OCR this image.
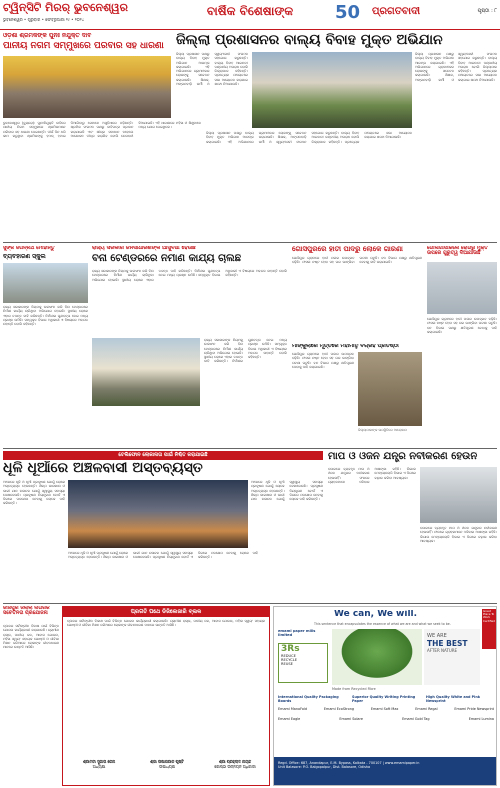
ଟ୍ୱିନ୍‌ସିଟି ମିରର୍‌ ଭୁବନେଶ୍ୱର
ଭୁବନେଶ୍ୱର • ଗୁରୁବାର • ଫେବ୍ରୁଆରୀ ୨୯ • ୨୦୨୪
ବାର୍ଷିକ ବିଶେଷାଙ୍କ	50	ପ୍ରଗତିବାଦୀ	ପୃଷ୍ଠା : ୮
ଓଡ଼ିଶା ଶ୍ରମିକଙ୍କ ପୁନଃ ନିଯୁକ୍ତି ଦାବି
ପାନୀୟ ନିଗମ ସମ୍ମୁଖରେ ପରିବାର ସହ ଧାରଣା
ଭୁବନେଶ୍ୱର (ବ୍ୟୁରୋ): ପୁନଃନିଯୁକ୍ତି ଦାବିରେ ପାନୀୟ ନିଗମ ସମ୍ମୁଖରେ ଶ୍ରମିକମାନେ ପରିବାର ସହ ଧାରଣା ଦେଇଛନ୍ତି। ଦୀର୍ଘ ଦିନ ଧରି କାମ କରୁଥିବା ଶ୍ରମିକଙ୍କୁ ହଠାତ୍ ହଟାଇ ଦିଆଯିବାରୁ ସେମାନେ ଅସୁବିଧାରେ ପଡ଼ିଛନ୍ତି। ଶ୍ରମିକ ସଂଗଠନ ପକ୍ଷରୁ ଦାବିପତ୍ର ପ୍ରଦାନ କରାଯାଇଛି ଏବଂ ଶୀଘ୍ର ସମାଧାନ ନହେଲେ ଆନ୍ଦୋଳନ ତୀବ୍ର କରାଯିବ ବୋଲି ଚେତାବନୀ ଦିଆଯାଇଛି। ଏହି ଧାରଣାରେ ମହିଳା ଓ ଶିଶୁମାନେ ମଧ୍ୟ ଯୋଗ ଦେଇଥିଲେ।
ଜିଲ୍ଲା ପ୍ରଶାସନର ବାଲ୍ୟ ବିବାହ ମୁକ୍ତ ଅଭିଯାନ
ଜିଲ୍ଲା ପ୍ରଶାସନ ପକ୍ଷରୁ ବାଲ୍ୟ ବିବାହ ମୁକ୍ତ ଅଭିଯାନ ଆରମ୍ଭ କରାଯାଇଛି। ଏହି ଅଭିଯାନରେ ଗ୍ରାମାଞ୍ଚଳର ଲୋକଙ୍କୁ ସଚେତନ କରାଯାଉଛି। ଶିକ୍ଷକ, ଅଙ୍ଗନବାଡ଼ି କର୍ମୀ ଓ ସ୍ୱୟଂସେବୀ ସଂଗଠନ ସହଯୋଗ କରୁଛନ୍ତି। ବାଲ୍ୟ ବିବାହ ଆଇନତଃ ଦଣ୍ଡନୀୟ ଅପରାଧ ବୋଲି ଜିଲ୍ଲାପାଳ କହିଛନ୍ତି। ପ୍ରତ୍ୟେକ ପଞ୍ଚାୟତରେ ସଭା ଆୟୋଜନ କରାଯାଇ ଶପଥ ନିଆଯାଉଛି।
ଜିଲ୍ଲା ପ୍ରଶାସନ ପକ୍ଷରୁ ବାଲ୍ୟ ବିବାହ ମୁକ୍ତ ଅଭିଯାନ ଆରମ୍ଭ କରାଯାଇଛି। ଏହି ଅଭିଯାନରେ ଗ୍ରାମାଞ୍ଚଳର ଲୋକଙ୍କୁ ସଚେତନ କରାଯାଉଛି। ଶିକ୍ଷକ, ଅଙ୍ଗନବାଡ଼ି କର୍ମୀ ଓ ସ୍ୱୟଂସେବୀ ସଂଗଠନ ସହଯୋଗ କରୁଛନ୍ତି। ବାଲ୍ୟ ବିବାହ ଆଇନତଃ ଦଣ୍ଡନୀୟ ଅପରାଧ ବୋଲି ଜିଲ୍ଲାପାଳ କହିଛନ୍ତି। ପ୍ରତ୍ୟେକ ପଞ୍ଚାୟତରେ ସଭା ଆୟୋଜନ କରାଯାଇ ଶପଥ ନିଆଯାଉଛି।
ଜିଲ୍ଲା ପ୍ରଶାସନ ପକ୍ଷରୁ ବାଲ୍ୟ ବିବାହ ମୁକ୍ତ ଅଭିଯାନ ଆରମ୍ଭ କରାଯାଇଛି। ଏହି ଅଭିଯାନରେ ଗ୍ରାମାଞ୍ଚଳର ଲୋକଙ୍କୁ ସଚେତନ କରାଯାଉଛି। ଶିକ୍ଷକ, ଅଙ୍ଗନବାଡ଼ି କର୍ମୀ ଓ ସ୍ୱୟଂସେବୀ ସଂଗଠନ ସହଯୋଗ କରୁଛନ୍ତି। ବାଲ୍ୟ ବିବାହ ଆଇନତଃ ଦଣ୍ଡନୀୟ ଅପରାଧ ବୋଲି ଜିଲ୍ଲାପାଳ କହିଛନ୍ତି। ପ୍ରତ୍ୟେକ ପଞ୍ଚାୟତରେ ସଭା ଆୟୋଜନ କରାଯାଇ ଶପଥ ନିଆଯାଉଛି।
ସୁଙ୍କ ଜଗନ୍ନାଥ ମୋହାନ୍ତୁ
ବ୍ୟବହାରଣ ସ୍କୁଲ
ରାଜ୍ୟ ସରକାରଙ୍କ ନିୟମକୁ ଉଲଙ୍ଘନ କରି ବିନା ଟେଣ୍ଡରରେ ନିର୍ମାଣ କାର୍ଯ୍ୟ ଚାଲିଥିବା ଅଭିଯୋଗ ହୋଇଛି। ସ୍ଥାନୀୟ ଲୋକେ ଏହାର ତଦନ୍ତ ଦାବି କରିଛନ୍ତି। ନିର୍ମାଣର ଗୁଣବତ୍ତା ନେଇ ମଧ୍ୟ ପ୍ରଶ୍ନ ଉଠିଛି। ସମ୍ପୃକ୍ତ ବିଭାଗ ଅଧିକାରୀ ଏ ବିଷୟରେ ଅବଗତ ନାହାନ୍ତି ବୋଲି କହିଛନ୍ତି।
ରାଜ୍ୟ ସରକାର ଜନସାଧାରଣଙ୍କ ଆସୁବିଧା ହେଉଛି
ବିନା ଟେଣ୍ଡରରେ ନିର୍ମାଣ କାର୍ଯ୍ୟ ଚାଲିଛି
ରାଜ୍ୟ ସରକାରଙ୍କ ନିୟମକୁ ଉଲଙ୍ଘନ କରି ବିନା ଟେଣ୍ଡରରେ ନିର୍ମାଣ କାର୍ଯ୍ୟ ଚାଲିଥିବା ଅଭିଯୋଗ ହୋଇଛି। ସ୍ଥାନୀୟ ଲୋକେ ଏହାର ତଦନ୍ତ ଦାବି କରିଛନ୍ତି। ନିର୍ମାଣର ଗୁଣବତ୍ତା ନେଇ ମଧ୍ୟ ପ୍ରଶ୍ନ ଉଠିଛି। ସମ୍ପୃକ୍ତ ବିଭାଗ ଅଧିକାରୀ ଏ ବିଷୟରେ ଅବଗତ ନାହାନ୍ତି ବୋଲି କହିଛନ୍ତି।
ରାଜ୍ୟ ସରକାରଙ୍କ ନିୟମକୁ ଉଲଙ୍ଘନ କରି ବିନା ଟେଣ୍ଡରରେ ନିର୍ମାଣ କାର୍ଯ୍ୟ ଚାଲିଥିବା ଅଭିଯୋଗ ହୋଇଛି। ସ୍ଥାନୀୟ ଲୋକେ ଏହାର ତଦନ୍ତ ଦାବି କରିଛନ୍ତି। ନିର୍ମାଣର ଗୁଣବତ୍ତା ନେଇ ମଧ୍ୟ ପ୍ରଶ୍ନ ଉଠିଛି। ସମ୍ପୃକ୍ତ ବିଭାଗ ଅଧିକାରୀ ଏ ବିଷୟରେ ଅବଗତ ନାହାନ୍ତି ବୋଲି କହିଛନ୍ତି।
ଗୋସିପୁରରେ ହାତୀ ପାଦରୁ ଲୋକେ ଗାରଣା
ଗୋସିପୁର ଗ୍ରାମରେ ହାତୀ ପଲର ଉପଦ୍ରବ ବଢ଼ିଛି। ଫସଲ ନଷ୍ଟ ହେବା ସହ ଘର ଭାଙ୍ଗିବା ଘଟଣା ଘଟୁଛି। ବନ ବିଭାଗ ପକ୍ଷରୁ କ୍ଷତିପୂରଣ ଦେବାକୁ ଦାବି କରାଯାଇଛି।
ମାଙ୍କୁଲାରେ ମୂର୍ତ୍ତିରେ ମହାମାତୃ ବିଗ୍ରହ ପ୍ରତିଷ୍ଠା
ଗୋସିପୁର ଗ୍ରାମରେ ହାତୀ ପଲର ଉପଦ୍ରବ ବଢ଼ିଛି। ଫସଲ ନଷ୍ଟ ହେବା ସହ ଘର ଭାଙ୍ଗିବା ଘଟଣା ଘଟୁଛି। ବନ ବିଭାଗ ପକ୍ଷରୁ କ୍ଷତିପୂରଣ ଦେବାକୁ ଦାବି କରାଯାଇଛି।
ଜିଲ୍ଲାପାଳଙ୍କ ଉପସ୍ଥିତିରେ ଆଲୋଚନା
ଗୋଲଗାପାକଲେ ରୋଗରୁ ମୁକ୍ତି ଉପରେ ଗୁରୁତ୍ୱ ଦିଆଯାଉଛି
ଗୋସିପୁର ଗ୍ରାମରେ ହାତୀ ପଲର ଉପଦ୍ରବ ବଢ଼ିଛି। ଫସଲ ନଷ୍ଟ ହେବା ସହ ଘର ଭାଙ୍ଗିବା ଘଟଣା ଘଟୁଛି। ବନ ବିଭାଗ ପକ୍ଷରୁ କ୍ଷତିପୂରଣ ଦେବାକୁ ଦାବି କରାଯାଇଛି।
ଟେଲିଫୋନ ଲୋକାନାତା ପାଇଁ ନିଶ୍ଚିତ କରାଯାଇଛି
ଧୂଳି ଧୂଆଁରେ ଅଞ୍ଚଳବାସୀ ଅସ୍ତବ୍ୟସ୍ତ
ଅଞ୍ଚଳରେ ଧୂଳି ଓ ଧୂଆଁ ପ୍ରଦୂଷଣ ଯୋଗୁଁ ଲୋକେ ଅସ୍ତବ୍ୟସ୍ତ ହେଉଛନ୍ତି। ଶିଳ୍ପ କାରଖାନା ଓ ଭାରୀ ଯାନ ଚଳାଚଳ ଯୋଗୁଁ ସ୍ୱାସ୍ଥ୍ୟ ସମସ୍ୟା ଦେଖାଦେଉଛି। ପ୍ରଦୂଷଣ ନିୟନ୍ତ୍ରଣ ବୋର୍ଡ ଏ ଦିଗରେ ପଦକ୍ଷେପ ନେବାକୁ ଲୋକେ ଦାବି କରିଛନ୍ତି।
ଅଞ୍ଚଳରେ ଧୂଳି ଓ ଧୂଆଁ ପ୍ରଦୂଷଣ ଯୋଗୁଁ ଲୋକେ ଅସ୍ତବ୍ୟସ୍ତ ହେଉଛନ୍ତି। ଶିଳ୍ପ କାରଖାନା ଓ ଭାରୀ ଯାନ ଚଳାଚଳ ଯୋଗୁଁ ସ୍ୱାସ୍ଥ୍ୟ ସମସ୍ୟା ଦେଖାଦେଉଛି। ପ୍ରଦୂଷଣ ନିୟନ୍ତ୍ରଣ ବୋର୍ଡ ଏ ଦିଗରେ ପଦକ୍ଷେପ ନେବାକୁ ଲୋକେ ଦାବି କରିଛନ୍ତି।
ଅଞ୍ଚଳରେ ଧୂଳି ଓ ଧୂଆଁ ପ୍ରଦୂଷଣ ଯୋଗୁଁ ଲୋକେ ଅସ୍ତବ୍ୟସ୍ତ ହେଉଛନ୍ତି। ଶିଳ୍ପ କାରଖାନା ଓ ଭାରୀ ଯାନ ଚଳାଚଳ ଯୋଗୁଁ ସ୍ୱାସ୍ଥ୍ୟ ସମସ୍ୟା ଦେଖାଦେଉଛି। ପ୍ରଦୂଷଣ ନିୟନ୍ତ୍ରଣ ବୋର୍ଡ ଏ ଦିଗରେ ପଦକ୍ଷେପ ନେବାକୁ ଲୋକେ ଦାବି କରିଛନ୍ତି।
ମାପ ଓ ଓଜନ ଯନ୍ତ୍ର ନବୀକରଣ ହେଉନି
ବଜାରରେ ବ୍ୟବହୃତ ମାପ ଓ ଓଜନ ଯନ୍ତ୍ରର ନବୀକରଣ ହେଉନାହିଁ। ଫଳରେ ଗ୍ରାହକମାନେ ଠକିବାର ଆଶଙ୍କା ରହିଛି। ଲିଗାଲ ମେଟ୍ରୋଲୋଜି ବିଭାଗ ଏ ଦିଗରେ ଚଢ଼ାଉ କରିବା ଆବଶ୍ୟକ।
ବଜାରରେ ବ୍ୟବହୃତ ମାପ ଓ ଓଜନ ଯନ୍ତ୍ରର ନବୀକରଣ ହେଉନାହିଁ। ଫଳରେ ଗ୍ରାହକମାନେ ଠକିବାର ଆଶଙ୍କା ରହିଛି। ଲିଗାଲ ମେଟ୍ରୋଲୋଜି ବିଭାଗ ଏ ଦିଗରେ ଚଢ଼ାଉ କରିବା ଆବଶ୍ୟକ।
ଜାଜପୁର ଜିଲ୍ଲା ନାଗରିକ ସଚେତନତା ପ୍ରଯୋଜନା
ବ୍ଲକର ସର୍ବାଙ୍ଗୀନ ବିକାଶ ପାଇଁ ବିଭିନ୍ନ ଯୋଜନା କାର୍ଯ୍ୟକାରୀ କରାଯାଉଛି। ଗ୍ରାମୀଣ ରାସ୍ତା, ପାନୀୟ ଜଳ, ଆବାସ ଯୋଜନା, ମହିଳା ସ୍ୱୟଂ ସହାୟକ ଗୋଷ୍ଠୀ ଓ ଜୀବିକା ମିଶନ ଜରିଆରେ ଲୋକଙ୍କ ଜୀବନଧାରଣ ମାନରେ ଉନ୍ନତି ଆସିଛି।
ପ୍ରଗତି ପଥେ ଡିଜିଲେଜାରି ବ୍ଲକ
ବ୍ଲକର ସର୍ବାଙ୍ଗୀନ ବିକାଶ ପାଇଁ ବିଭିନ୍ନ ଯୋଜନା କାର୍ଯ୍ୟକାରୀ କରାଯାଉଛି। ଗ୍ରାମୀଣ ରାସ୍ତା, ପାନୀୟ ଜଳ, ଆବାସ ଯୋଜନା, ମହିଳା ସ୍ୱୟଂ ସହାୟକ ଗୋଷ୍ଠୀ ଓ ଜୀବିକା ମିଶନ ଜରିଆରେ ଲୋକଙ୍କ ଜୀବନଧାରଣ ମାନରେ ଉନ୍ନତି ଆସିଛି।
ଶ୍ରୀମତୀ ସୁଜାତା ଜେନା
ଅଧ୍ୟକ୍ଷା
ଶ୍ରୀ ଉଷାଗରୀଳ ପୃଷ୍ଟି
ଉପାଧ୍ୟକ୍ଷ
ଶ୍ରୀ ପ୍ରହ୍ଲାଦ ନାୟକ
ଗୋଷ୍ଠୀ ଉନ୍ନୟନ ଅଧିକାରୀ
We can, We will.
This sentence that encapsulates the essence of what we are and what we seek to be.
emami paper mills limited
3Rs
REDUCE
RECYCLE
REUSE
WE ARE
THE BEST
AFTER NATURE
Great Place To Work Certified
Made from Recycled Fibre
International Quality Packaging Boards
Superior Quality Writing Printing Paper
High Quality White and Pink Newsprint
Emami ManoFold	Emami EcoStrong	Emami Soft Max	Emami Regal	Emami Pride Newsprint
Emami Eagle	Emami Solare	Emami Gold Tag	Emami Lumina
Regd. Office: 687, Anandapur, E.M. Bypass, Kolkata - 700107 | www.emamipaper.in
Unit Balasore: P.O. Balgopalpur, Dist. Balasore, Odisha
